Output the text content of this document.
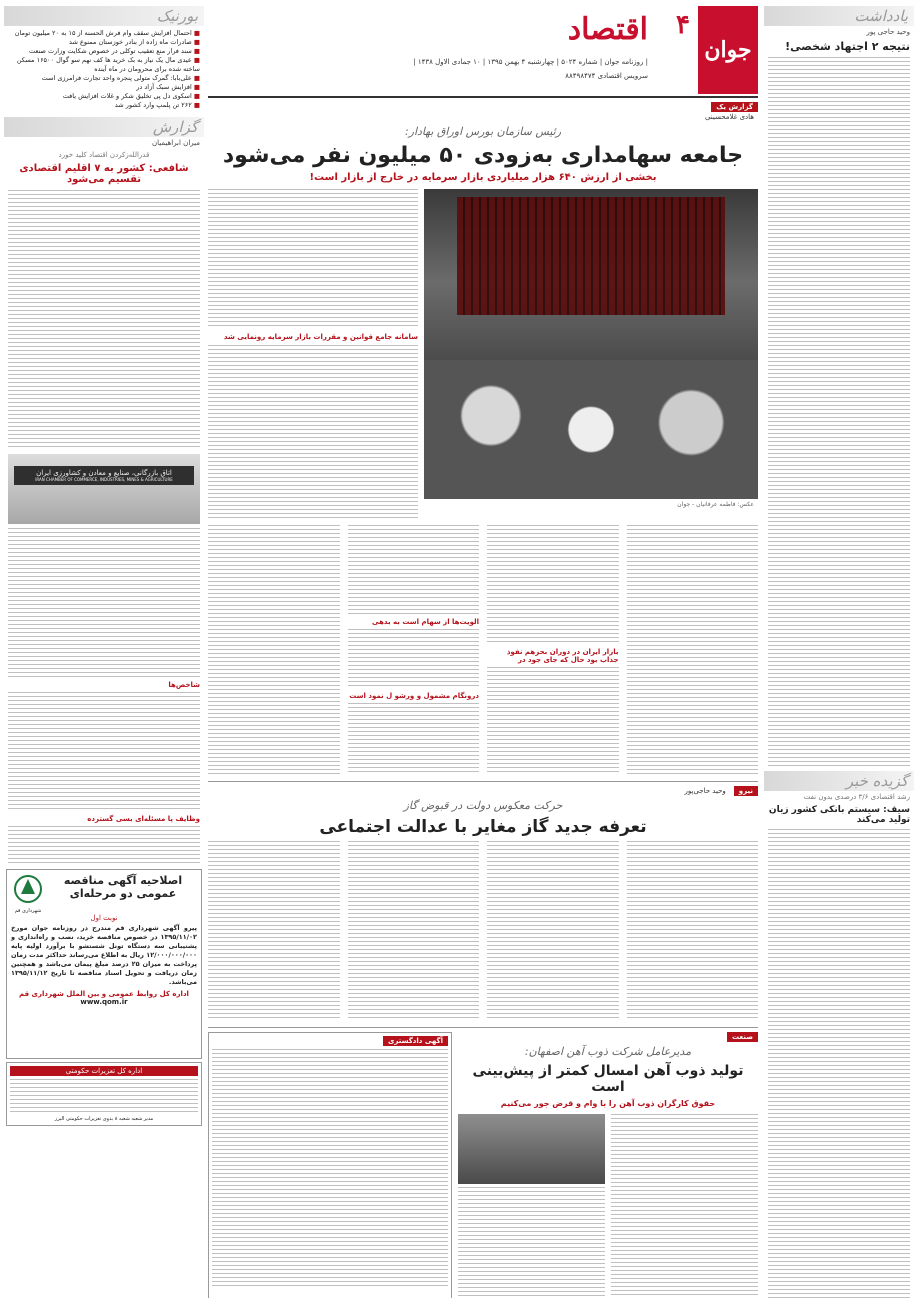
یادداشت
وحید حاجی پور
نتیجه ۲ اجتهاد شخصی!
گزیده خبر
رشد اقتصادی ۳/۶ درصدی بدون نفت
سیف: سیستم بانکی کشور زیان تولید می‌کند
بورنیک
■ احتمال افزایش سقف وام فرش الحسنه از ۱۵ به ۲۰ میلیون تومان
■ صادرات ماه زاده از بنادر خوزستان ممنوع شد
■ سند فرار منع تعقیب توکلی در خصوص شکایت وزارت صنعت
■ عیدی مال یک نیاز به بک خرید ها کف نهم سو گوال ۱۶۵۰۰ مسکن ساخته شده برای محرومان در ماه آینده
■ علی‌بابا: گمرک متولی پنجره واحد تجارت فرامرزی است
■ افزایش سبک آزاد در
■ اسکوی دل پی تخلیق شکر و غلات افزایش یافت
■ ۲۶۲ تن پلمپ وارد کشور شد
گزارش
میران ابراهیمیان
قدرالله‌زکردن اقتصاد کلید خورد
شافعی: کشور به ۷ اقلیم اقتصادی تقسیم می‌شود
اتاق بازرگانی، صنایع و معادن و کشاورزی ایران
IRAN CHAMBER OF COMMERCE, INDUSTRIES, MINES & AGRICULTURE
شاخص‌ها
وظایف پا مسئله‌ای بسی گسترده
اصلاحیه آگهی مناقصه عمومی دو مرحله‌ای
شهرداری قم
نوبت اول
پیرو آگهی شهرداری قم مندرج در روزنامه جوان مورخ ۱۳۹۵/۱۱/۰۲ در خصوص مناقصه خرید، نصب و راه‌اندازی و پشتیبانی سه دستگاه تونل شستشو با برآورد اولیه پایه ۱۲/۰۰۰/۰۰۰/۰۰۰ ریال به اطلاع می‌رساند حداکثر مدت زمان پرداخت به میزان ۲۵ درصد مبلغ پیمان می‌باشد و همچنین زمان دریافت و تحویل اسناد مناقصه تا تاریخ ۱۳۹۵/۱۱/۱۲ می‌باشد.
اداره کل روابط عمومی و بین الملل شهرداری قم
www.qom.ir
اداره کل تعزیرات حکومتی
مدیر شعبه شعبه ۸ بدوی تعزیرات حکومتی البرز
جوان
۴
اقتصاد
| روزنامه جوان | شماره ۵۰۲۴ | چهارشنبه ۴ بهمن ۱۳۹۵ | ۱۰ جمادی الاول ۱۴۳۸ |
سرویس اقتصادی ۸۸۴۹۸۴۷۴
گزارش یک
هادی غلامحسینی
رئیس سازمان بورس اوراق بهادار:
جامعه سهامداری به‌زودی ۵۰ میلیون نفر می‌شود
بخشی از ارزش ۶۴۰ هزار میلیاردی بازار سرمایه در خارج از بازار است!
عکس: فاطمه عرفانیان - جوان
سامانه جامع قوانین و مقررات بازار سرمایه رونمایی شد
بازار ایران در دوران بحرهم نفوذ جذاب بود حال که جای جود در
الویت‌ها از سهام است به بدهی
درونگام مشمول و ورشو ل نمود است
نیرو
وحید حاجی‌پور
حرکت معکوس دولت در قبوض گاز
تعرفه جدید گاز مغایر با عدالت اجتماعی
صنعت
مدیرعامل شرکت ذوب آهن اصفهان:
تولید ذوب آهن امسال کمتر از پیش‌بینی است
حقوق کارگران ذوب آهن را با وام و قرض جور می‌کنیم
آگهی دادگستری
